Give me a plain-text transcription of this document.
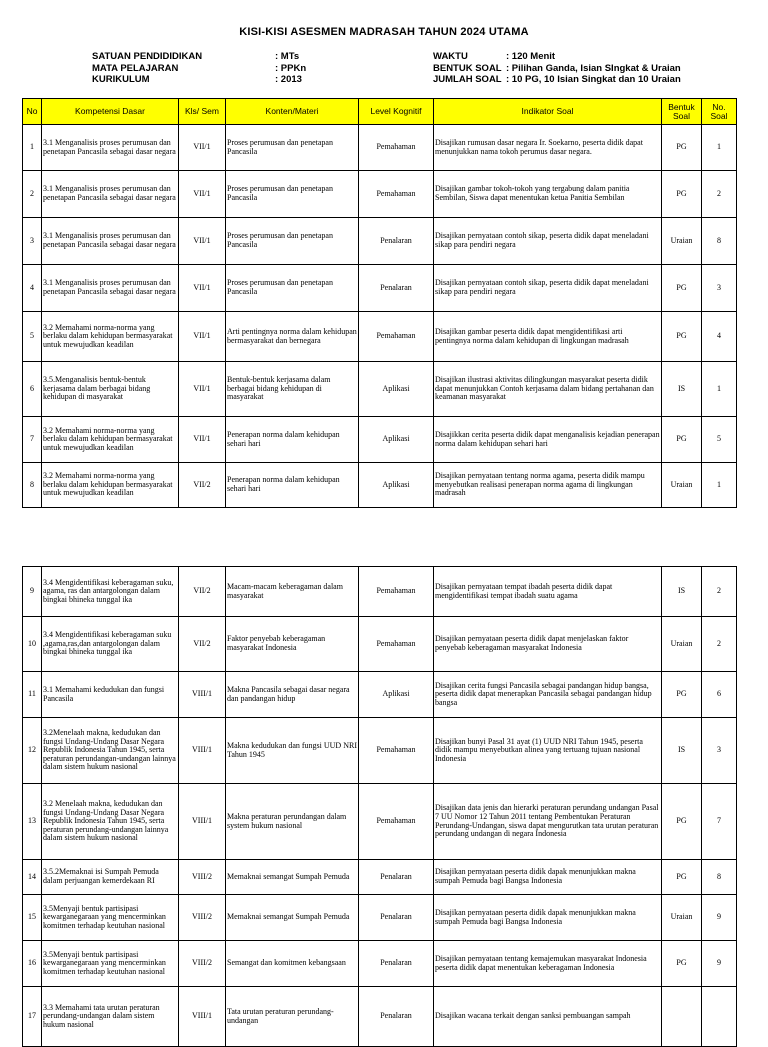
KISI-KISI ASESMEN MADRASAH TAHUN 2024 UTAMA
SATUAN PENDIDIDIKAN	: MTs
MATA PELAJARAN	: PPKn
KURIKULUM	: 2013
WAKTU	: 120 Menit
BENTUK SOAL : Pilihan Ganda, Isian SIngkat & Uraian
JUMLAH SOAL : 10 PG, 10 Isian Singkat dan 10 Uraian
No	Kompetensi Dasar	Kls/ Sem	Konten/Materi	Level Kognitif	Indikator Soal	Bentuk Soal	No. Soal
1	3.1 Menganalisis proses perumusan dan penetapan Pancasila sebagai dasar negara	VII/1	Proses perumusan dan penetapan Pancasila	Pemahaman	Disajikan rumusan dasar negara Ir. Soekarno, peserta didik dapat menunjukkan nama tokoh perumus dasar negara.	PG	1
2	3.1 Menganalisis proses perumusan dan penetapan Pancasila sebagai dasar negara	VII/1	Proses perumusan dan penetapan Pancasila	Pemahaman	Disajikan gambar tokoh-tokoh yang tergabung dalam panitia Sembilan, Siswa dapat menentukan ketua Panitia Sembilan	PG	2
3	3.1 Menganalisis proses perumusan dan penetapan Pancasila sebagai dasar negara	VII/1	Proses perumusan dan penetapan Pancasila	Penalaran	Disajikan pernyataan contoh sikap, peserta didik dapat meneladani sikap para pendiri negara	Uraian	8
4	3.1 Menganalisis proses perumusan dan penetapan Pancasila sebagai dasar negara	VII/1	Proses perumusan dan penetapan Pancasila	Penalaran	Disajikan pernyataan contoh sikap, peserta didik dapat meneladani sikap para pendiri negara	PG	3
5	3.2 Memahami norma-norma yang berlaku dalam kehidupan bermasyarakat untuk mewujudkan keadilan	VII/1	Arti pentingnya norma dalam kehidupan bermasyarakat dan bernegara	Pemahaman	Disajikan gambar peserta didik dapat mengidentifikasi arti pentingnya norma dalam kehidupan di lingkungan madrasah	PG	4
6	3.5.Menganalisis bentuk-bentuk kerjasama dalam berbagai bidang kehidupan di masyarakat	VII/1	Bentuk-bentuk kerjasama dalam berbagai bidang kehidupan di masyarakat	Aplikasi	Disajikan ilustrasi aktivitas dilingkungan masyarakat peserta didik dapat menunjukkan Contoh kerjasama dalam bidang pertahanan dan keamanan masyarakat	IS	1
7	3.2 Memahami norma-norma yang berlaku dalam kehidupan bermasyarakat untuk mewujudkan keadilan	VII/1	Penerapan norma dalam kehidupan sehari hari	Aplikasi	Disajikkan cerita peserta didik dapat menganalisis kejadian penerapan norma dalam kehidupan sehari hari	PG	5
8	3.2 Memahami norma-norma yang berlaku dalam kehidupan bermasyarakat untuk mewujudkan keadilan	VII/2	Penerapan norma dalam kehidupan sehari hari	Aplikasi	Disajikan pernyataan tentang norma agama, peserta didik mampu menyebutkan realisasi penerapan norma agama di lingkungan madrasah	Uraian	1
9	3.4 Mengidentifikasi keberagaman suku, agama, ras dan antargolongan dalam bingkai bhineka tunggal ika	VII/2	Macam-macam keberagaman dalam masyarakat	Pemahaman	Disajikan pernyataan tempat ibadah peserta didik dapat mengidentifikasi tempat ibadah suatu agama	IS	2
10	3.4 Mengidentifikasi keberagaman suku ,agama,ras,dan antargolongan dalam bingkai bhineka tunggal ika	VII/2	Faktor penyebab keberagaman masyarakat Indonesia	Pemahaman	Disajikan pernyataan peserta didik dapat menjelaskan faktor penyebab keberagaman masyarakat Indonesia	Uraian	2
11	3.1 Memahami kedudukan dan fungsi Pancasila	VIII/1	Makna Pancasila sebagai dasar negara dan pandangan hidup	Aplikasi	Disajikan cerita fungsi Pancasila sebagai pandangan hidup bangsa, peserta didik dapat menerapkan Pancasila sebagai pandangan hidup bangsa	PG	6
12	3.2Menelaah makna, kedudukan dan fungsi Undang-Undang Dasar Negara Republik Indonesia Tahun 1945, serta peraturan perundangan-undangan lainnya dalam sistem hukum nasional	VIII/1	Makna kedudukan dan fungsi UUD NRI Tahun 1945	Pemahaman	Disajikan bunyi Pasal 31 ayat (1) UUD NRI Tahun 1945, peserta didik mampu menyebutkan alinea yang tertuang tujuan nasional Indonesia	IS	3
13	3.2 Menelaah makna, kedudukan dan fungsi Undang-Undang Dasar Negara Republik Indonesia Tahun 1945, serta peraturan perundang-undangan lainnya dalam sistem hukum nasional	VIII/1	Makna peraturan perundangan dalam system hukum nasional	Pemahaman	Disajikan data jenis dan hierarki peraturan perundang undangan Pasal 7 UU Nomor 12 Tahun 2011 tentang Pembentukan Peraturan Perundang-Undangan, siswa dapat mengurutkan tata urutan peraturan perundang undangan di negara Indonesia	PG	7
14	3.5.2Memaknai isi Sumpah Pemuda dalam perjuangan kemerdekaan RI	VIII/2	Memaknai semangat Sumpah Pemuda	Penalaran	Disajikan pernyataan peserta didik dapak menunjukkan makna sumpah Pemuda bagi Bangsa Indonesia	PG	8
15	3.5Menyaji bentuk partisipasi kewarganegaraan yang mencerminkan komitmen terhadap keutuhan nasional	VIII/2	Memaknai semangat Sumpah Pemuda	Penalaran	Disajikan pernyataan peserta didik dapak menunjukkan makna sumpah Pemuda bagi Bangsa Indonesia	Uraian	9
16	3.5Menyaji bentuk partisipasi kewarganegaraan yang mencerminkan komitmen terhadap keutuhan nasional	VIII/2	Semangat dan komitmen kebangsaan	Penalaran	Disajikan pernyataan tentang kemajemukan masyarakat Indonesia peserta didik dapat menentukan keberagaman Indonesia	PG	9
17	3.3 Memahami tata urutan peraturan perundang-undangan dalam sistem hukum nasional	VIII/1	Tata urutan peraturan perundang-undangan	Penalaran	Disajikan wacana terkait dengan sanksi pembuangan sampah		
